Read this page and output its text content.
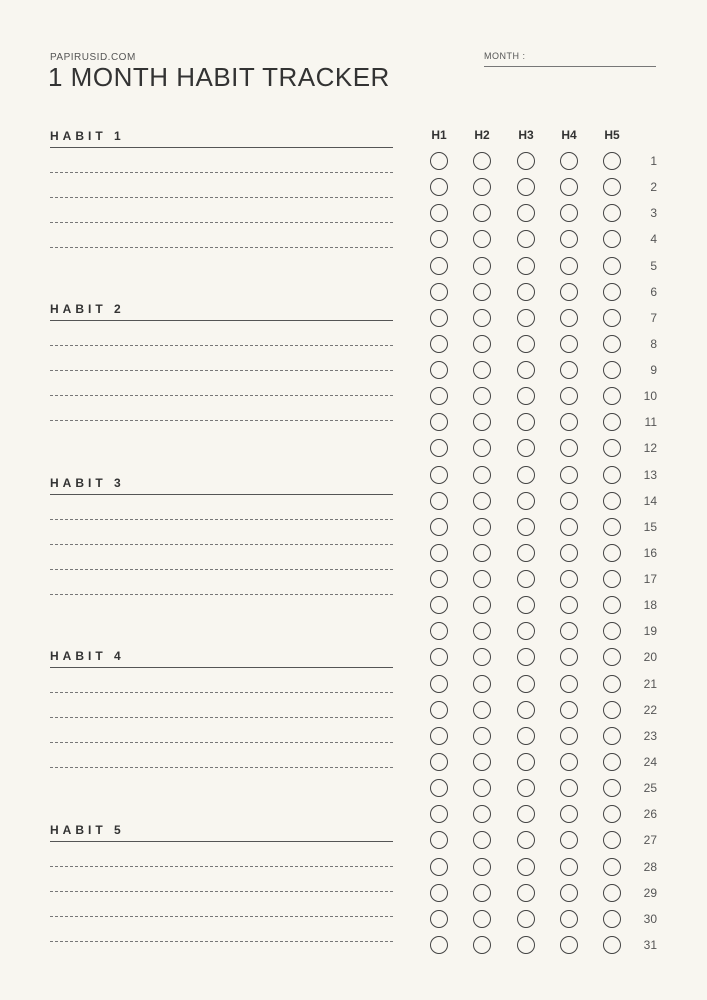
PAPIRUSID.COM
1 MONTH HABIT TRACKER
MONTH :
HABIT 1
HABIT 2
HABIT 3
HABIT 4
HABIT 5
H1	H2	H3	H4	H5
1
2
3
4
5
6
7
8
9
10
11
12
13
14
15
16
17
18
19
20
21
22
23
24
25
26
27
28
29
30
31
